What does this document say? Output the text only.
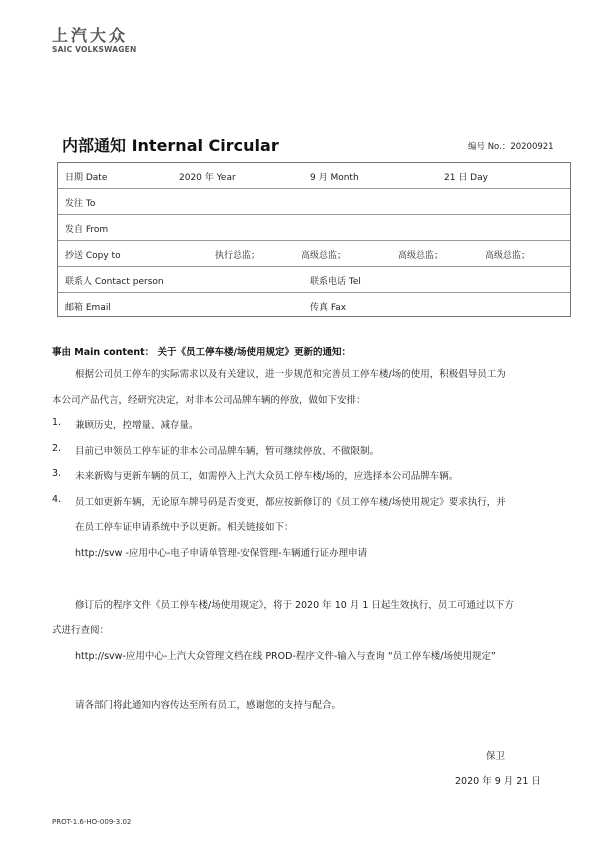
上汽大众
SAIC VOLKSWAGEN
内部通知 Internal Circular	编号 No.：20200921
日期 Date	2020 年 Year	9 月 Month	21 日 Day
发往 To
发自 From
抄送 Copy to	执行总监；	高级总监；	高级总监；	高级总监；
联系人 Contact person	联系电话 Tel
邮箱 Email	传真 Fax
事由 Main content： 关于《员工停车楼/场使用规定》更新的通知：
根据公司员工停车的实际需求以及有关建议，进一步规范和完善员工停车楼/场的使用，积极倡导员工为
本公司产品代言，经研究决定，对非本公司品牌车辆的停放，做如下安排：
1. 兼顾历史，控增量、减存量。
2. 目前已申领员工停车证的非本公司品牌车辆，暂可继续停放、不做限制。
3. 未来新购与更新车辆的员工，如需停入上汽大众员工停车楼/场的，应选择本公司品牌车辆。
4. 员工如更新车辆，无论原车牌号码是否变更，都应按新修订的《员工停车楼/场使用规定》要求执行，并
在员工停车证申请系统中予以更新。相关链接如下：
http://svw -应用中心-电子申请单管理-安保管理-车辆通行证办理申请
修订后的程序文件《员工停车楼/场使用规定》，将于 2020 年 10 月 1 日起生效执行，员工可通过以下方
式进行查阅：
http://svw-应用中心-上汽大众管理文档在线 PROD-程序文件-输入与查询 “员工停车楼/场使用规定”
请各部门将此通知内容传达至所有员工，感谢您的支持与配合。
保卫
2020 年 9 月 21 日
PROT-1.6-HO-009-3.02
